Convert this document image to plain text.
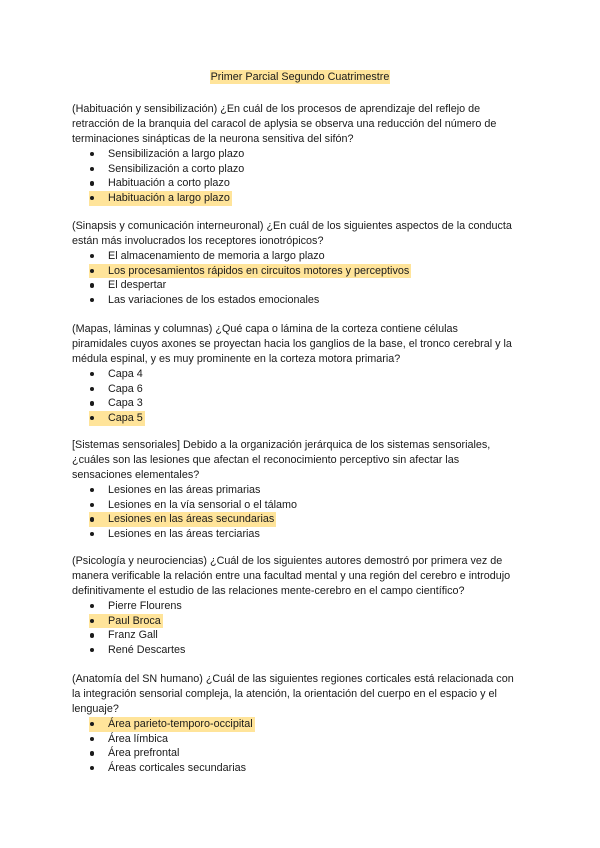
Primer Parcial Segundo Cuatrimestre

(Habituación y sensibilización) ¿En cuál de los procesos de aprendizaje del reflejo de
retracción de la branquia del caracol de aplysia se observa una reducción del número de
terminaciones sinápticas de la neurona sensitiva del sifón?

Sensibilización a largo plazo
Sensibilización a corto plazo
Habituación a corto plazo
Habituación a largo plazo

(Sinapsis y comunicación interneuronal) ¿En cuál de los siguientes aspectos de la conducta
están más involucrados los receptores ionotrópicos?

El almacenamiento de memoria a largo plazo
Los procesamientos rápidos en circuitos motores y perceptivos
El despertar
Las variaciones de los estados emocionales

(Mapas, láminas y columnas) ¿Qué capa o lámina de la corteza contiene células
piramidales cuyos axones se proyectan hacia los ganglios de la base, el tronco cerebral y la
médula espinal, y es muy prominente en la corteza motora primaria?

Capa 4
Capa 6
Capa 3
Capa 5

[Sistemas sensoriales] Debido a la organización jerárquica de los sistemas sensoriales,
¿cuáles son las lesiones que afectan el reconocimiento perceptivo sin afectar las
sensaciones elementales?

Lesiones en las áreas primarias
Lesiones en la vía sensorial o el tálamo
Lesiones en las áreas secundarias
Lesiones en las áreas terciarias

(Psicología y neurociencias) ¿Cuál de los siguientes autores demostró por primera vez de
manera verificable la relación entre una facultad mental y una región del cerebro e introdujo
definitivamente el estudio de las relaciones mente-cerebro en el campo científico?

Pierre Flourens
Paul Broca
Franz Gall
René Descartes

(Anatomía del SN humano) ¿Cuál de las siguientes regiones corticales está relacionada con
la integración sensorial compleja, la atención, la orientación del cuerpo en el espacio y el
lenguaje?

Área parieto-temporo-occipital
Área límbica
Área prefrontal
Áreas corticales secundarias
